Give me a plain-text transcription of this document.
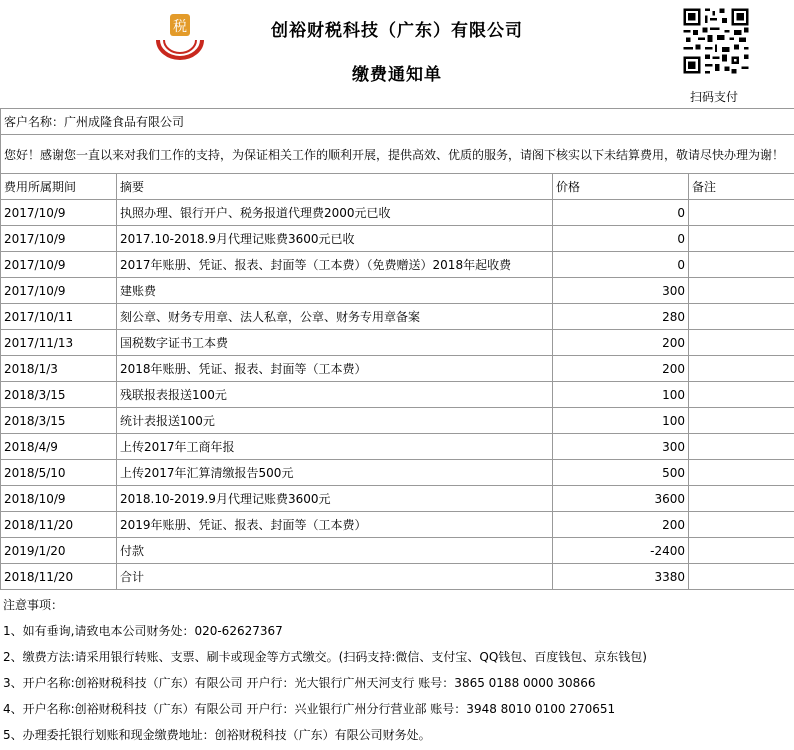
税	创裕财税科技（广东）有限公司
缴费通知单
扫码支付
客户名称：广州成隆食品有限公司			
您好！感谢您一直以来对我们工作的支持，为保证相关工作的顺利开展，提供高效、优质的服务，请阁下核实以下未结算费用，敬请尽快办理为谢！			
费用所属期间	摘要	价格	备注
2017/10/9	执照办理、银行开户、税务报道代理费2000元已收	0	
2017/10/9	2017.10-2018.9月代理记账费3600元已收	0	
2017/10/9	2017年账册、凭证、报表、封面等（工本费）（免费赠送）2018年起收费	0	
2017/10/9	建账费	300	
2017/10/11	刻公章、财务专用章、法人私章，公章、财务专用章备案	280	
2017/11/13	国税数字证书工本费	200	
2018/1/3	2018年账册、凭证、报表、封面等（工本费）	200	
2018/3/15	残联报表报送100元	100	
2018/3/15	统计表报送100元	100	
2018/4/9	上传2017年工商年报	300	
2018/5/10	上传2017年汇算清缴报告500元	500	
2018/10/9	2018.10-2019.9月代理记账费3600元	3600	
2018/11/20	2019年账册、凭证、报表、封面等（工本费）	200	
2019/1/20	付款	-2400	
2018/11/20	合计	3380	
注意事项：
1、如有垂询,请致电本公司财务处：020-62627367
2、缴费方法:请采用银行转账、支票、刷卡或现金等方式缴交。(扫码支持:微信、支付宝、QQ钱包、百度钱包、京东钱包)
3、开户名称:创裕财税科技（广东）有限公司 开户行：光大银行广州天河支行 账号：3865 0188 0000 30866
4、开户名称:创裕财税科技（广东）有限公司 开户行：兴业银行广州分行营业部 账号：3948 8010 0100 270651
5、办理委托银行划账和现金缴费地址：创裕财税科技（广东）有限公司财务处。
